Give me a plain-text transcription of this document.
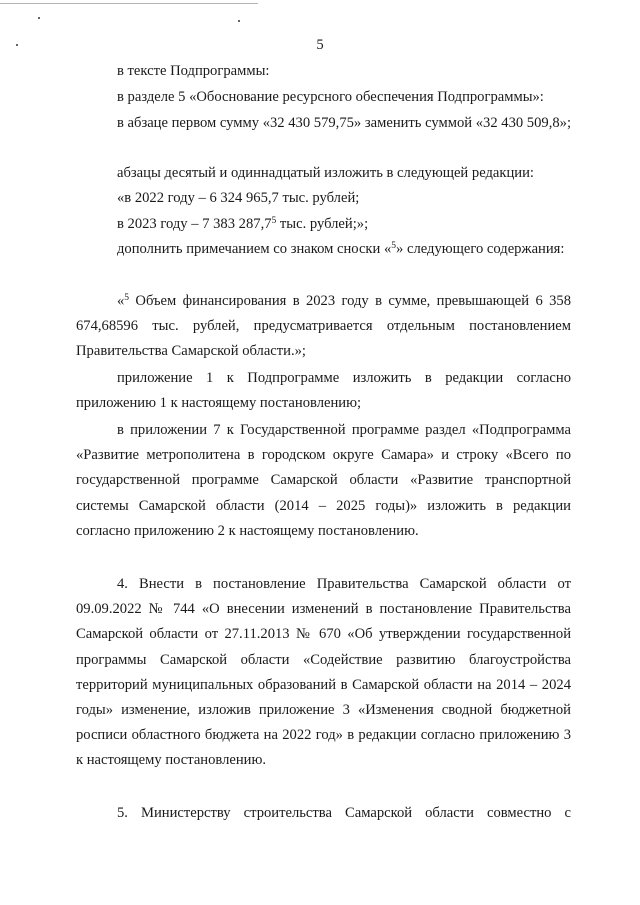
5

в тексте Подпрограммы:

в разделе 5 «Обоснование ресурсного обеспечения Подпрограммы»:

в абзаце первом сумму «32 430 579,75» заменить суммой «32 430 509,8»;

абзацы десятый и одиннадцатый изложить в следующей редакции:

«в 2022 году – 6 324 965,7 тыс. рублей;

в 2023 году – 7 383 287,7$^5$ тыс. рублей;»;

дополнить примечанием со знаком сноски «$^5$» следующего содержания:

«$^5$ Объем финансирования в 2023 году в сумме, превышающей 6 358 674,68596 тыс. рублей, предусматривается отдельным постановлением Правительства Самарской области.»;

приложение 1 к Подпрограмме изложить в редакции согласно приложению 1 к настоящему постановлению;

в приложении 7 к Государственной программе раздел «Подпрограмма «Развитие метрополитена в городском округе Самара» и строку «Всего по государственной программе Самарской области «Развитие транспортной системы Самарской области (2014 – 2025 годы)» изложить в редакции согласно приложению 2 к настоящему постановлению.

4. Внести в постановление Правительства Самарской области от 09.09.2022 № 744 «О внесении изменений в постановление Правительства Самарской области от 27.11.2013 № 670 «Об утверждении государственной программы Самарской области «Содействие развитию благоустройства территорий муниципальных образований в Самарской области на 2014 – 2024 годы» изменение, изложив приложение 3 «Изменения сводной бюджетной росписи областного бюджета на 2022 год» в редакции согласно приложению 3 к настоящему постановлению.

5. Министерству строительства Самарской области совместно с
